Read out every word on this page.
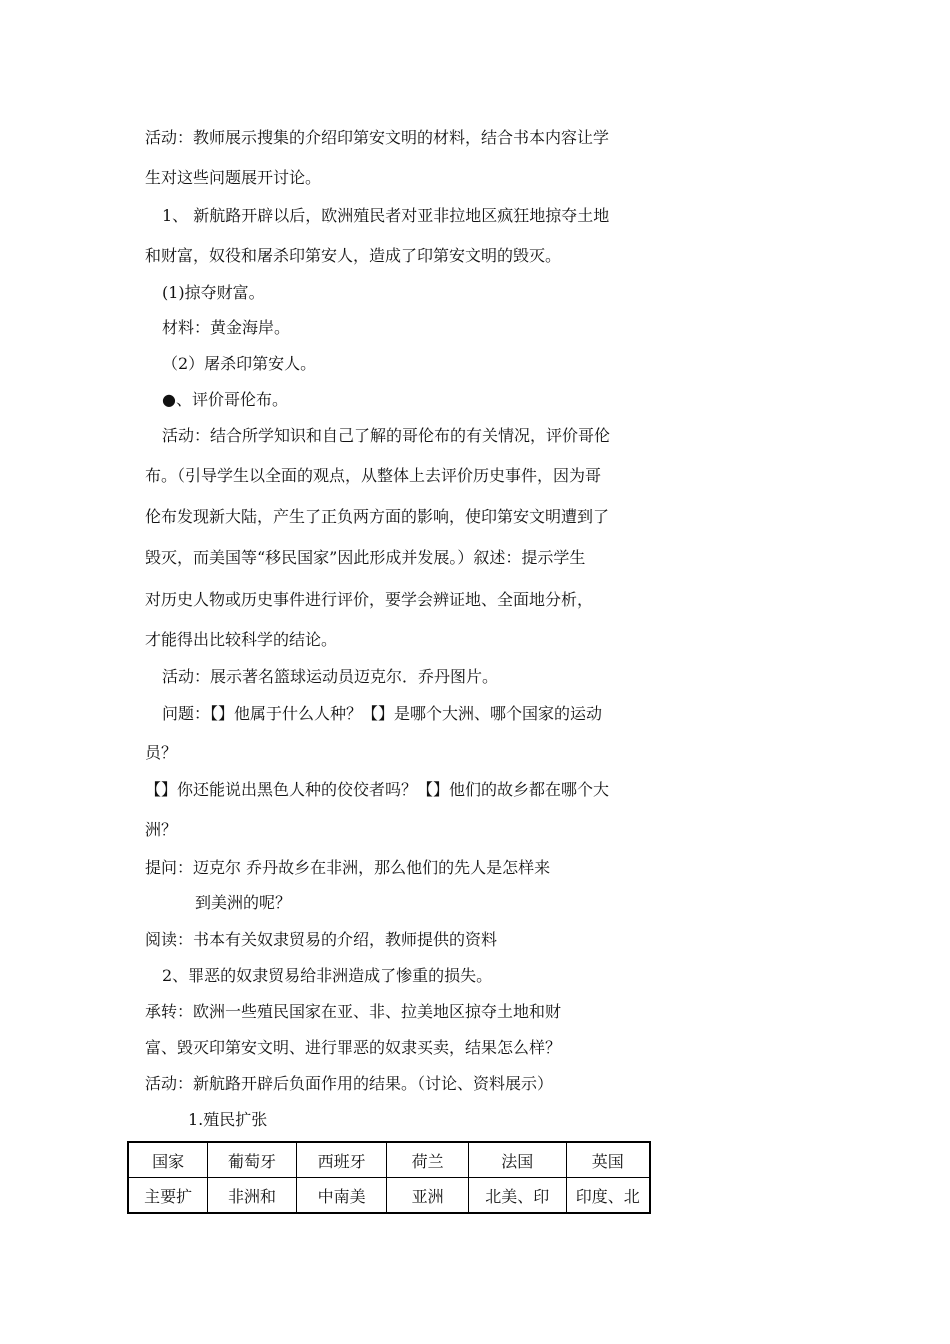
活动：教师展示搜集的介绍印第安文明的材料，结合书本内容让学
生对这些问题展开讨论。
1、 新航路开辟以后，欧洲殖民者对亚非拉地区疯狂地掠夺土地
和财富，奴役和屠杀印第安人，造成了印第安文明的毁灭。
(1)掠夺财富。
材料：黄金海岸。
（2）屠杀印第安人。
●、评价哥伦布。
活动：结合所学知识和自己了解的哥伦布的有关情况，评价哥伦
布。（引导学生以全面的观点，从整体上去评价历史事件，因为哥
伦布发现新大陆，产生了正负两方面的影响，使印第安文明遭到了
毁灭，而美国等“移民国家”因此形成并发展。）叙述：提示学生
对历史人物或历史事件进行评价，要学会辨证地、全面地分析，
才能得出比较科学的结论。
活动：展示著名篮球运动员迈克尔．乔丹图片。
问题：【】他属于什么人种？【】是哪个大洲、哪个国家的运动
员？
【】你还能说出黑色人种的佼佼者吗？【】他们的故乡都在哪个大
洲？
提问：迈克尔 乔丹故乡在非洲，那么他们的先人是怎样来
到美洲的呢？
阅读：书本有关奴隶贸易的介绍，教师提供的资料
2、罪恶的奴隶贸易给非洲造成了惨重的损失。
承转：欧洲一些殖民国家在亚、非、拉美地区掠夺土地和财
富、毁灭印第安文明、进行罪恶的奴隶买卖，结果怎么样？
活动：新航路开辟后负面作用的结果。（讨论、资料展示）
1.殖民扩张
国家	葡萄牙	西班牙	荷兰	法国	英国
主要扩	非洲和	中南美	亚洲	北美、印	印度、北
